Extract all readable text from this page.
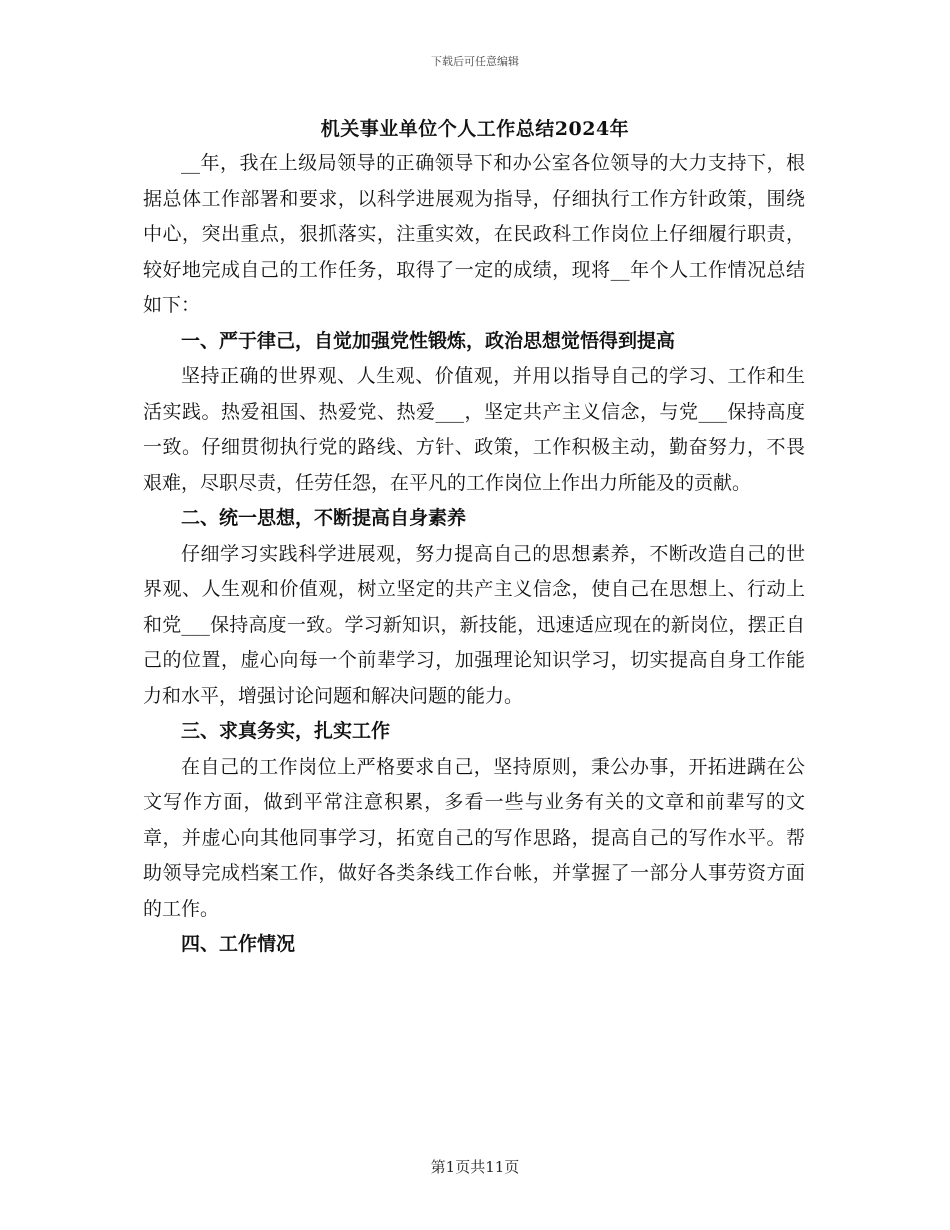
下载后可任意编辑
机关事业单位个人工作总结2024年

__年，我在上级局领导的正确领导下和办公室各位领导的大力支持下，根据总体工作部署和要求，以科学进展观为指导，仔细执行工作方针政策，围绕中心，突出重点，狠抓落实，注重实效，在民政科工作岗位上仔细履行职责，较好地完成自己的工作任务，取得了一定的成绩，现将__年个人工作情况总结如下：

一、严于律己，自觉加强党性锻炼，政治思想觉悟得到提高

坚持正确的世界观、人生观、价值观，并用以指导自己的学习、工作和生活实践。热爱祖国、热爱党、热爱___，坚定共产主义信念，与党___保持高度一致。仔细贯彻执行党的路线、方针、政策，工作积极主动，勤奋努力，不畏艰难，尽职尽责，任劳任怨，在平凡的工作岗位上作出力所能及的贡献。

二、统一思想，不断提高自身素养

仔细学习实践科学进展观，努力提高自己的思想素养，不断改造自己的世界观、人生观和价值观，树立坚定的共产主义信念，使自己在思想上、行动上和党___保持高度一致。学习新知识，新技能，迅速适应现在的新岗位，摆正自己的位置，虚心向每一个前辈学习，加强理论知识学习，切实提高自身工作能力和水平，增强讨论问题和解决问题的能力。

三、求真务实，扎实工作

在自己的工作岗位上严格要求自己，坚持原则，秉公办事，开拓进蹒在公文写作方面，做到平常注意积累，多看一些与业务有关的文章和前辈写的文章，并虚心向其他同事学习，拓宽自己的写作思路，提高自己的写作水平。帮助领导完成档案工作，做好各类条线工作台帐，并掌握了一部分人事劳资方面的工作。

四、工作情况

第1页共11页
